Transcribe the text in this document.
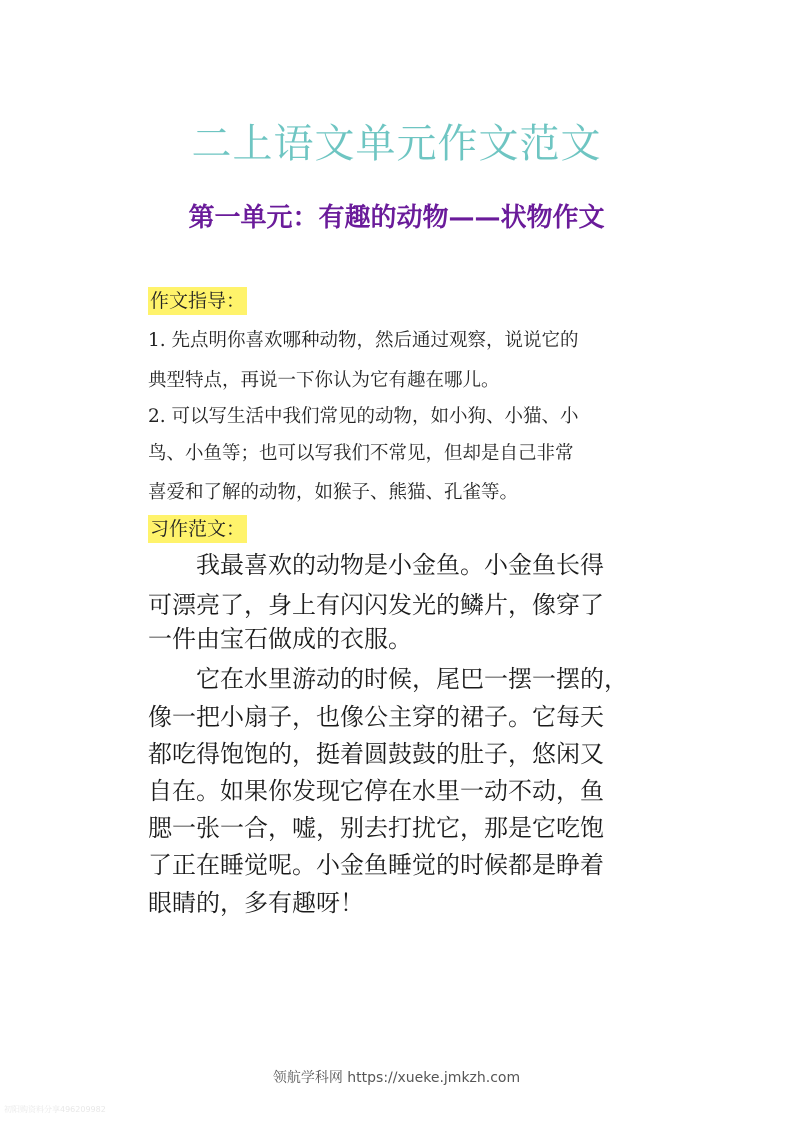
二上语文单元作文范文
第一单元：有趣的动物——状物作文
作文指导：
1. 先点明你喜欢哪种动物，然后通过观察，说说它的
典型特点，再说一下你认为它有趣在哪儿。
2. 可以写生活中我们常见的动物，如小狗、小猫、小
鸟、小鱼等；也可以写我们不常见，但却是自己非常
喜爱和了解的动物，如猴子、熊猫、孔雀等。
习作范文：
　　我最喜欢的动物是小金鱼。小金鱼长得
可漂亮了，身上有闪闪发光的鳞片，像穿了
一件由宝石做成的衣服。
　　它在水里游动的时候，尾巴一摆一摆的，
像一把小扇子，也像公主穿的裙子。它每天
都吃得饱饱的，挺着圆鼓鼓的肚子，悠闲又
自在。如果你发现它停在水里一动不动，鱼
腮一张一合，嘘，别去打扰它，那是它吃饱
了正在睡觉呢。小金鱼睡觉的时候都是睁着
眼睛的，多有趣呀！
领航学科网 https://xueke.jmkzh.com
初阳购资料分享496209982
